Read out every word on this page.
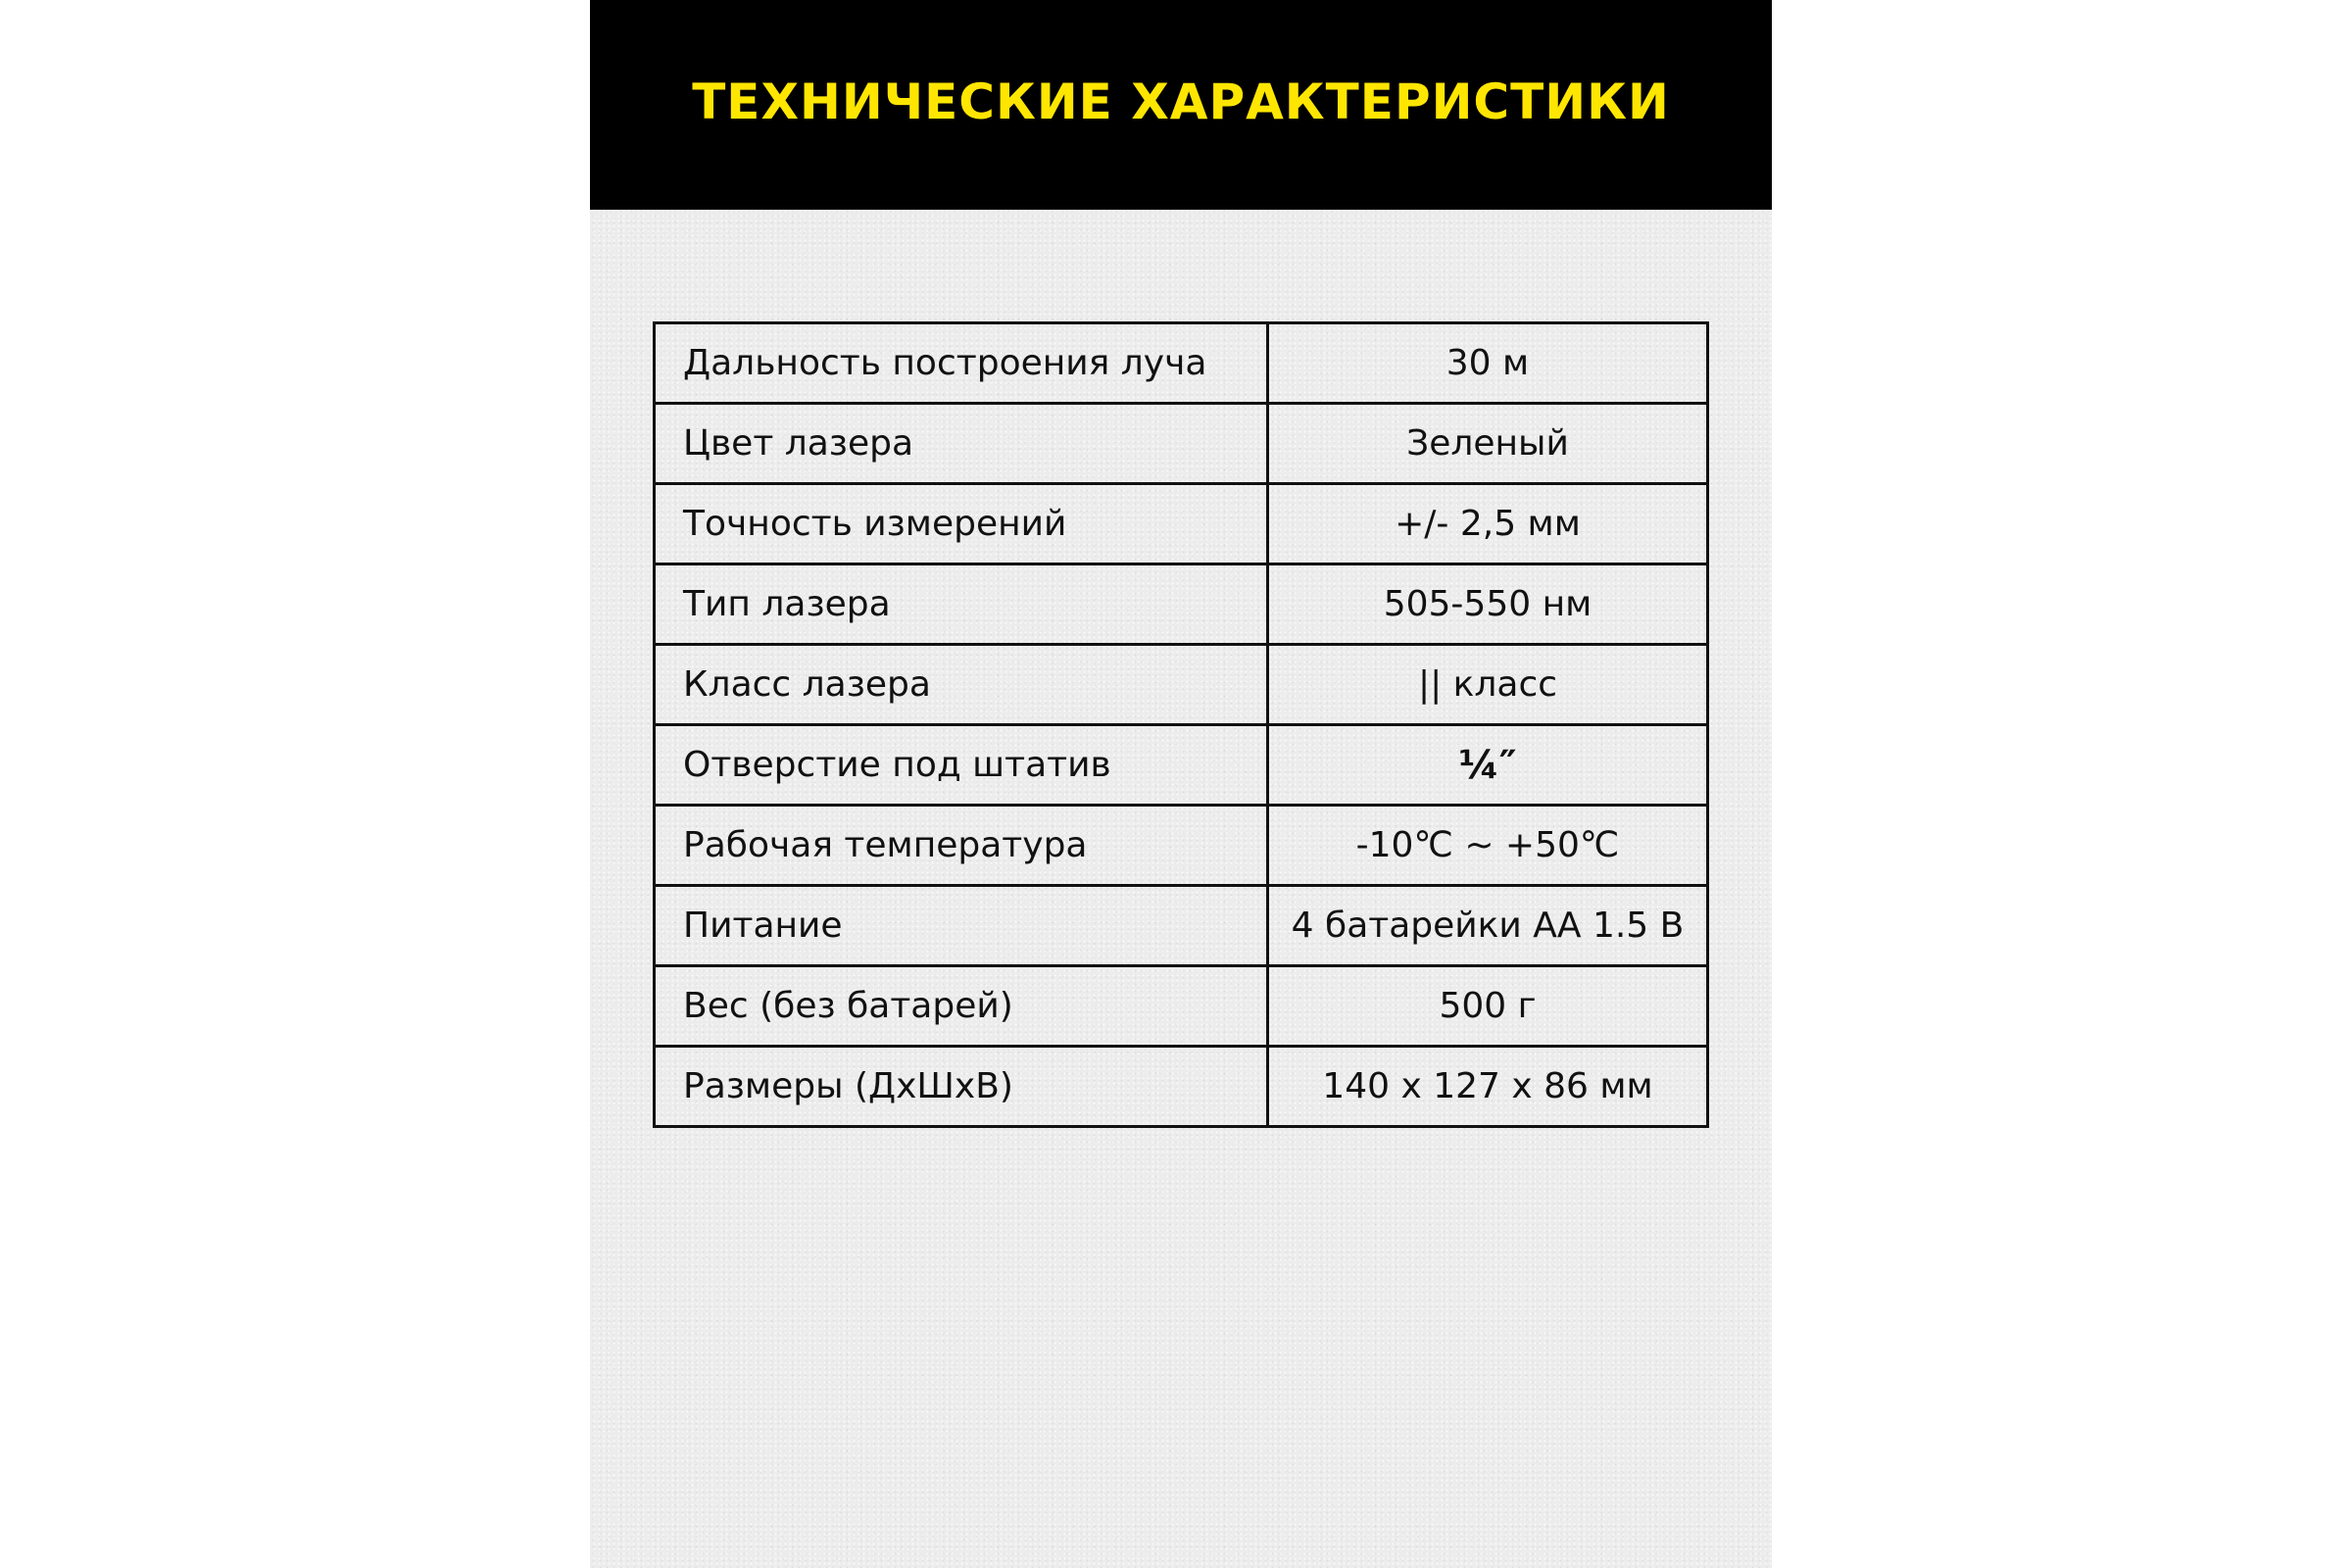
ТЕХНИЧЕСКИЕ ХАРАКТЕРИСТИКИ
Дальность построения луча	30 м
Цвет лазера	Зеленый
Точность измерений	+/- 2,5 мм
Тип лазера	505-550 нм
Класс лазера	|| класс
Отверстие под штатив	¼″
Рабочая температура	-10℃ ~ +50℃
Питание	4 батарейки АА 1.5 В
Вес (без батарей)	500 г
Размеры (ДхШхВ)	140 х 127 х 86 мм
